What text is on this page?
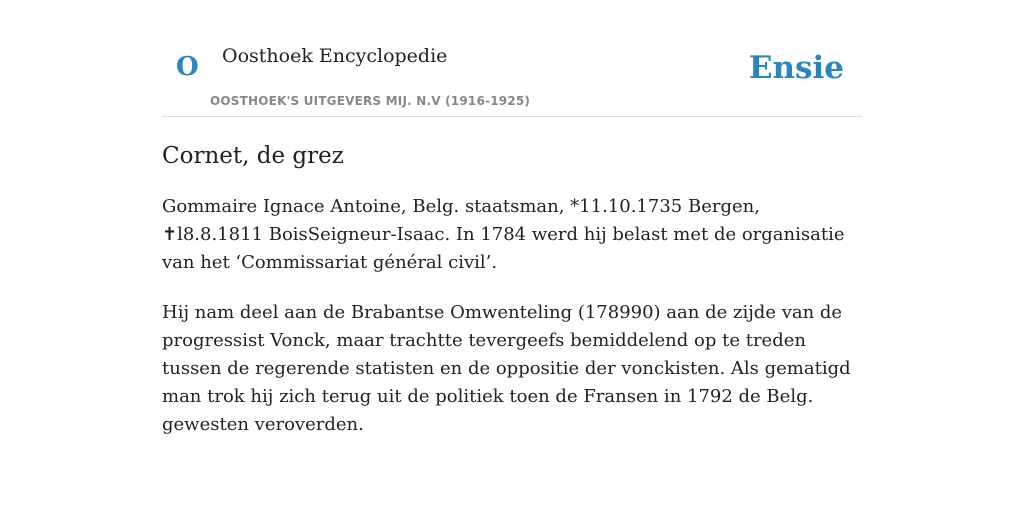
O Oosthoek Encyclopedie
OOSTHOEK'S UITGEVERS MIJ. N.V (1916-1925)
Ensie
Cornet, de grez

Gommaire Ignace Antoine, Belg. staatsman, *11.10.1735 Bergen, ✝l8.8.1811 BoisSeigneur-Isaac. In 1784 werd hij belast met de organisatie van het ‘Commissariat général civil’.

Hij nam deel aan de Brabantse Omwenteling (178990) aan de zijde van de progressist Vonck, maar trachtte tevergeefs bemiddelend op te treden tussen de regerende statisten en de oppositie der vonckisten. Als gematigd man trok hij zich terug uit de politiek toen de Fransen in 1792 de Belg. gewesten veroverden.
